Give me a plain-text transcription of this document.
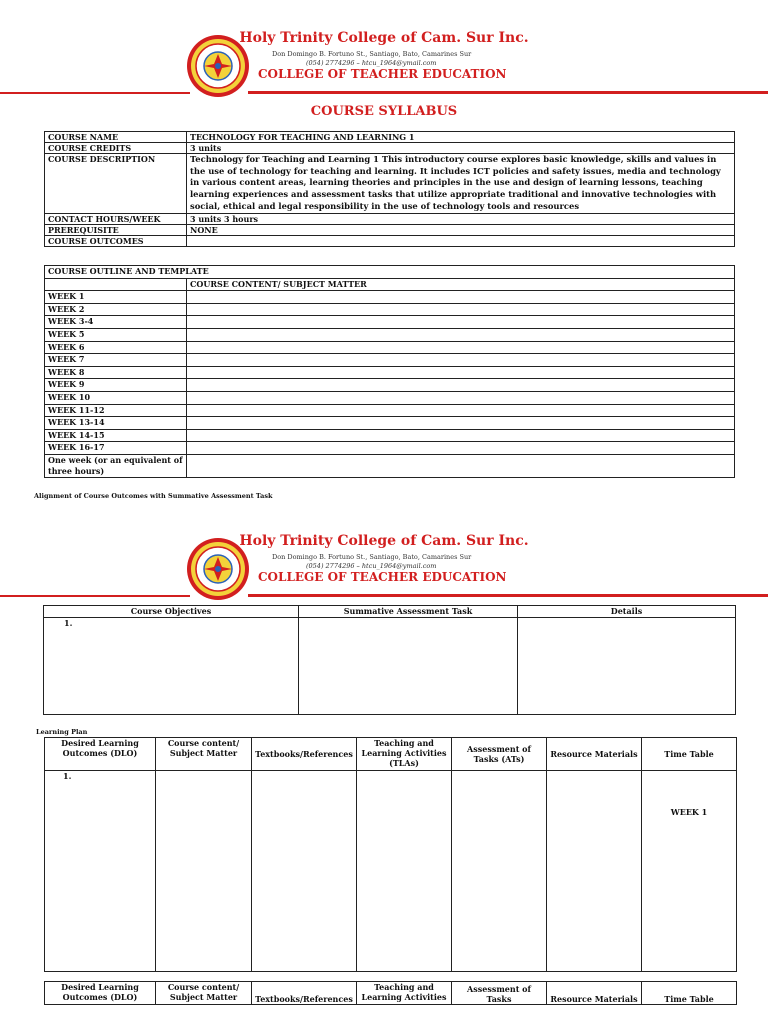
Holy Trinity College of Cam. Sur Inc.
Don Domingo B. Fortuno St., Santiago, Bato, Camarines Sur
(054) 2774296 – htcu_1964@ymail.com
COLLEGE OF TEACHER EDUCATION
COURSE SYLLABUS
COURSE NAME	TECHNOLOGY FOR TEACHING AND LEARNING 1
COURSE CREDITS	3 units
COURSE DESCRIPTION	Technology for Teaching and Learning 1 This introductory course explores basic knowledge, skills and values in the use of technology for teaching and learning. It includes ICT policies and safety issues, media and technology in various content areas, learning theories and principles in the use and design of learning lessons, teaching learning experiences and assessment tasks that utilize appropriate traditional and innovative technologies with social, ethical and legal responsibility in the use of technology tools and resources
CONTACT HOURS/WEEK	3 units 3 hours
PREREQUISITE	NONE
COURSE OUTCOMES	
COURSE OUTLINE AND TEMPLATE	
	COURSE CONTENT/ SUBJECT MATTER
WEEK 1	
WEEK 2	
WEEK 3-4	
WEEK 5	
WEEK 6	
WEEK 7	
WEEK 8	
WEEK 9	
WEEK 10	
WEEK 11-12	
WEEK 13-14	
WEEK 14-15	
WEEK 16-17	
One week (or an equivalent of three hours)	
Alignment of Course Outcomes with Summative Assessment Task
Holy Trinity College of Cam. Sur Inc.
Don Domingo B. Fortuno St., Santiago, Bato, Camarines Sur
(054) 2774296 – htcu_1964@ymail.com
COLLEGE OF TEACHER EDUCATION
Course Objectives	Summative Assessment Task	Details
1.		
Learning Plan
Desired Learning Outcomes (DLO)	Course content/ Subject Matter	Textbooks/References	Teaching and Learning Activities (TLAs)	Assessment of Tasks (ATs)	Resource Materials	Time Table
1.						WEEK 1
Desired Learning Outcomes (DLO)	Course content/ Subject Matter	Textbooks/References	Teaching and Learning Activities	Assessment of Tasks	Resource Materials	Time Table
